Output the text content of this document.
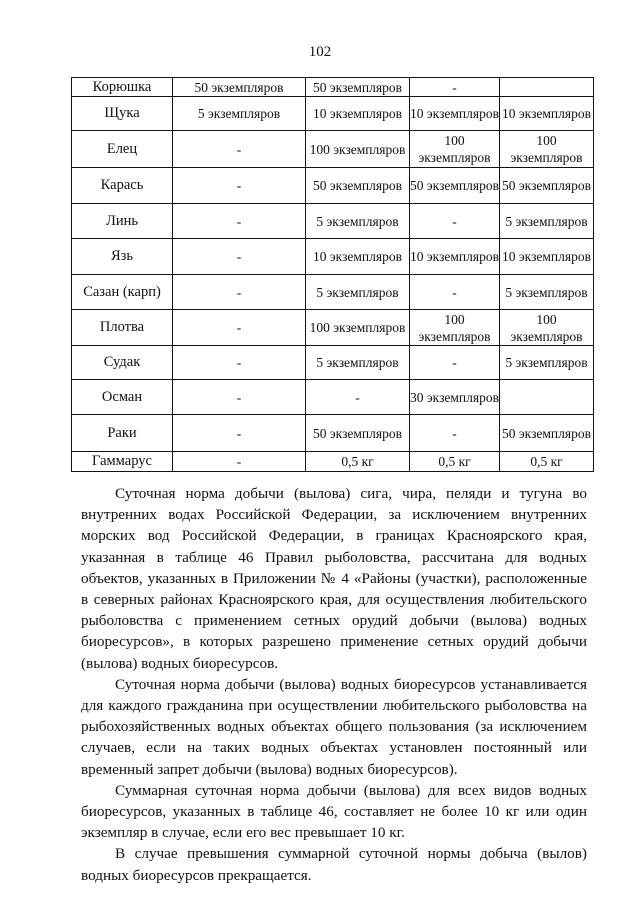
102
Корюшка	50 экземпляров	50 экземпляров	-	
Щука	5 экземпляров	10 экземпляров	10 экземпляров	10 экземпляров
Елец	-	100 экземпляров	100 экземпляров	100 экземпляров
Карась	-	50 экземпляров	50 экземпляров	50 экземпляров
Линь	-	5 экземпляров	-	5 экземпляров
Язь	-	10 экземпляров	10 экземпляров	10 экземпляров
Сазан (карп)	-	5 экземпляров	-	5 экземпляров
Плотва	-	100 экземпляров	100 экземпляров	100 экземпляров
Судак	-	5 экземпляров	-	5 экземпляров
Осман	-	-	30 экземпляров	
Раки	-	50 экземпляров	-	50 экземпляров
Гаммарус	-	0,5 кг	0,5 кг	0,5 кг

Суточная норма добычи (вылова) сига, чира, пеляди и тугуна во внутренних водах Российской Федерации, за исключением внутренних морских вод Российской Федерации, в границах Красноярского края, указанная в таблице 46 Правил рыболовства, рассчитана для водных объектов, указанных в Приложении № 4 «Районы (участки), расположенные в северных районах Красноярского края, для осуществления любительского рыболовства с применением сетных орудий добычи (вылова) водных биоресурсов», в которых разрешено применение сетных орудий добычи (вылова) водных биоресурсов.

Суточная норма добычи (вылова) водных биоресурсов устанавливается для каждого гражданина при осуществлении любительского рыболовства на рыбохозяйственных водных объектах общего пользования (за исключением случаев, если на таких водных объектах установлен постоянный или временный запрет добычи (вылова) водных биоресурсов).

Суммарная суточная норма добычи (вылова) для всех видов водных биоресурсов, указанных в таблице 46, составляет не более 10 кг или один экземпляр в случае, если его вес превышает 10 кг.

В случае превышения суммарной суточной нормы добыча (вылов) водных биоресурсов прекращается.
